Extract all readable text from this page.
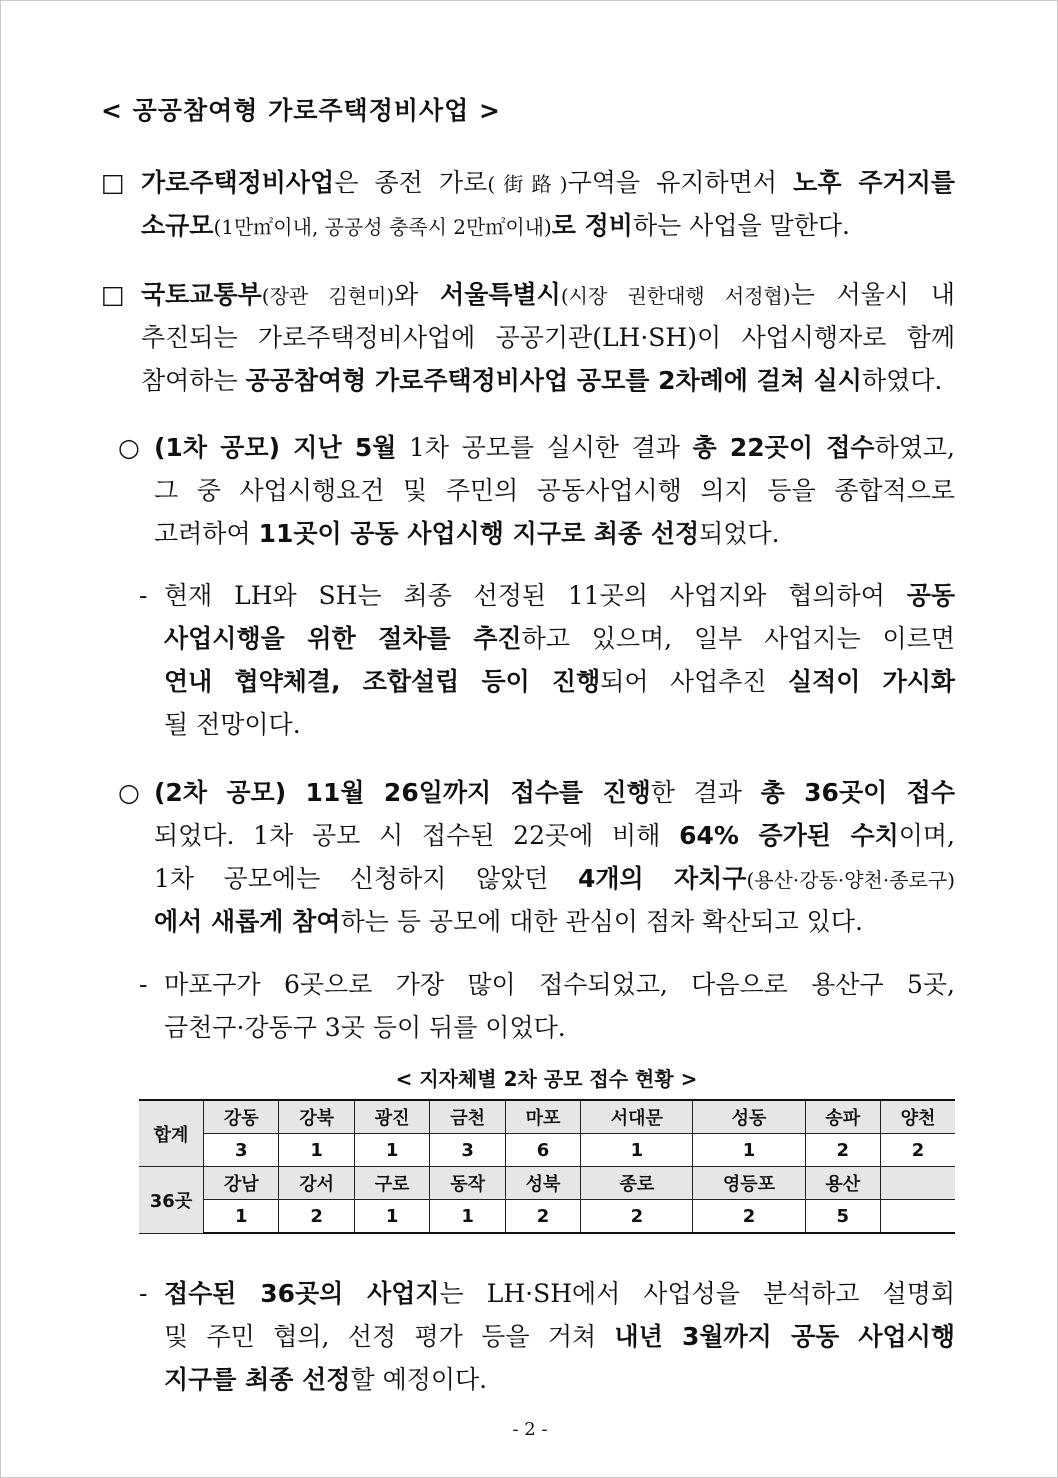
< 공공참여형 가로주택정비사업 >
□ 가로주택정비사업은 종전 가로(街路)구역을 유지하면서 노후 주거지를
소규모(1만㎡이내, 공공성 충족시 2만㎡이내)로 정비하는 사업을 말한다.
□ 국토교통부(장관 김현미)와 서울특별시(시장 권한대행 서정협)는 서울시 내
추진되는 가로주택정비사업에 공공기관(LH·SH)이 사업시행자로 함께
참여하는 공공참여형 가로주택정비사업 공모를 2차례에 걸쳐 실시하였다.
○ (1차 공모) 지난 5월 1차 공모를 실시한 결과 총 22곳이 접수하였고,
그 중 사업시행요건 및 주민의 공동사업시행 의지 등을 종합적으로
고려하여 11곳이 공동 사업시행 지구로 최종 선정되었다.
- 현재 LH와 SH는 최종 선정된 11곳의 사업지와 협의하여 공동
사업시행을 위한 절차를 추진하고 있으며, 일부 사업지는 이르면
연내 협약체결, 조합설립 등이 진행되어 사업추진 실적이 가시화
될 전망이다.
○ (2차 공모) 11월 26일까지 접수를 진행한 결과 총 36곳이 접수
되었다. 1차 공모 시 접수된 22곳에 비해 64% 증가된 수치이며,
1차 공모에는 신청하지 않았던 4개의 자치구(용산·강동·양천·종로구)
에서 새롭게 참여하는 등 공모에 대한 관심이 점차 확산되고 있다.
- 마포구가 6곳으로 가장 많이 접수되었고, 다음으로 용산구 5곳,
금천구·강동구 3곳 등이 뒤를 이었다.
< 지자체별 2차 공모 접수 현황 >
합계	강동	강북	광진	금천	마포	서대문	성동	송파	양천
	3	1	1	3	6	1	1	2	2
36곳	강남	강서	구로	동작	성북	종로	영등포	용산	
	1	2	1	1	2	2	2	5	
- 접수된 36곳의 사업지는 LH·SH에서 사업성을 분석하고 설명회
및 주민 협의, 선정 평가 등을 거쳐 내년 3월까지 공동 사업시행
지구를 최종 선정할 예정이다.
- 2 -
